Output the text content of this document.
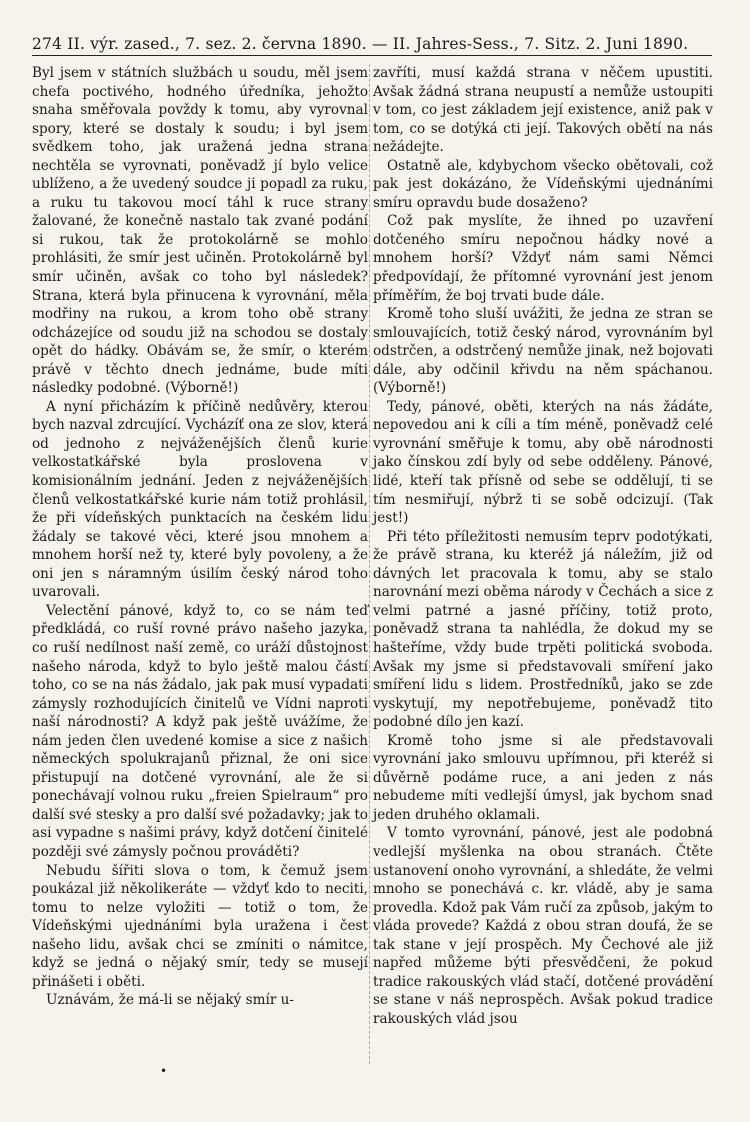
274 II. výr. zased., 7. sez. 2. června 1890. — II. Jahres-Sess., 7. Sitz. 2. Juni 1890.

Byl jsem v státních službách u soudu, měl jsem chefa poctivého, hodného úředníka, jehožto snaha směřovala povždy k tomu, aby vyrovnal spory, které se dostaly k soudu; i byl jsem svědkem toho, jak uražená jedna strana nechtěla se vyrovnati, poněvadž jí bylo velice ublíženo, a že uvedený soudce ji popadl za ruku, a ruku tu takovou mocí táhl k ruce strany žalované, že konečně nastalo tak zvané podání si rukou, tak že protokolárně se mohlo prohlásiti, že smír jest učiněn. Protokolárně byl smír učiněn, avšak co toho byl následek? Strana, která byla přinucena k vyrovnání, měla modřiny na rukou, a krom toho obě strany odcházejíce od soudu již na schodou se dostaly opět do hádky. Obávám se, že smír, o kterém právě v těchto dnech jednáme, bude míti následky podobné. (Výborně!)

A nyní přicházím k příčině nedůvěry, kterou bych nazval zdrcující. Vycházíť ona ze slov, která od jednoho z nejváženějších členů kurie velkostatkářské byla proslovena v komisionálním jednání. Jeden z nejváženějších členů velkostatkářské kurie nám totiž prohlásil, že při vídeňských punktacích na českém lidu žádaly se takové věci, které jsou mnohem a mnohem horší než ty, které byly povoleny, a že oni jen s náramným úsilím český národ toho uvarovali.

Velectění pánové, když to, co se nám teď předkládá, co ruší rovné právo našeho jazyka, co ruší nedílnost naší země, co uráží důstojnost našeho národa, když to bylo ještě malou částí toho, co se na nás žádalo, jak pak musí vypadati zámysly rozhodujících činitelů ve Vídni naproti naší národnosti? A když pak ještě uvážíme, že nám jeden člen uvedené komise a sice z našich německých spolukrajanů přiznal, že oni sice přistupují na dotčené vyrovnání, ale že si ponechávají volnou ruku „freien Spielraum“ pro další své stesky a pro další své požadavky; jak to asi vypadne s našimi právy, když dotčení činitelé později své zámysly počnou prováděti?

Nebudu šířiti slova o tom, k čemuž jsem poukázal již několikeráte — vždyť kdo to neciti, tomu to nelze vyložiti — totiž o tom, že Vídeňskými ujednáními byla uražena i čest našeho lidu, avšak chci se zmíniti o námitce, když se jedná o nějaký smír, tedy se musejí přinášeti i oběti.

Uznávám, že má-li se nějaký smír u-

zavříti, musí každá strana v něčem upustiti. Avšak žádná strana neupustí a nemůže ustoupiti v tom, co jest základem její existence, aniž pak v tom, co se dotýká cti její. Takových obětí na nás nežádejte.

Ostatně ale, kdybychom všecko obětovali, což pak jest dokázáno, že Vídeňskými ujednáními smíru opravdu bude dosaženo?

Což pak myslíte, že ihned po uzavření dotčeného smíru nepočnou hádky nové a mnohem horší? Vždyť nám sami Němci předpovídají, že přítomné vyrovnání jest jenom příměřím, že boj trvati bude dále.

Kromě toho sluší uvážiti, že jedna ze stran se smlouvajících, totiž český národ, vyrovnáním byl odstrčen, a odstrčený nemůže jinak, než bojovati dále, aby odčinil křivdu na něm spáchanou. (Výborně!)

Tedy, pánové, oběti, kterých na nás žádáte, nepovedou ani k cíli a tím méně, poněvadž celé vyrovnání směřuje k tomu, aby obě národnosti jako čínskou zdí byly od sebe odděleny. Pánové, lidé, kteří tak přísně od sebe se oddělují, ti se tím nesmiřují, nýbrž ti se sobě odcizují. (Tak jest!)

Při této příležitosti nemusím teprv podotýkati, že právě strana, ku kteréž já náležím, již od dávných let pracovala k tomu, aby se stalo narovnání mezi oběma národy v Čechách a sice z velmi patrné a jasné příčiny, totiž proto, poněvadž strana ta nahlédla, že dokud my se hašteříme, vždy bude trpěti politická svoboda. Avšak my jsme si představovali smíření jako smíření lidu s lidem. Prostředníků, jako se zde vyskytují, my nepotřebujeme, poněvadž tito podobné dílo jen kazí.

Kromě toho jsme si ale představovali vyrovnání jako smlouvu upřímnou, při kteréž si důvěrně podáme ruce, a ani jeden z nás nebudeme míti vedlejší úmysl, jak bychom snad jeden druhého oklamali.

V tomto vyrovnání, pánové, jest ale podobná vedlejší myšlenka na obou stranách. Čtěte ustanovení onoho vyrovnání, a shledáte, že velmi mnoho se ponechává c. kr. vládě, aby je sama provedla. Kdož pak Vám ručí za způsob, jakým to vláda provede? Každá z obou stran doufá, že se tak stane v její prospěch. My Čechové ale již napřed můžeme býti přesvědčeni, že pokud tradice rakouských vlád stačí, dotčené provádění se stane v náš neprospěch. Avšak pokud tradice rakouských vlád jsou

•
